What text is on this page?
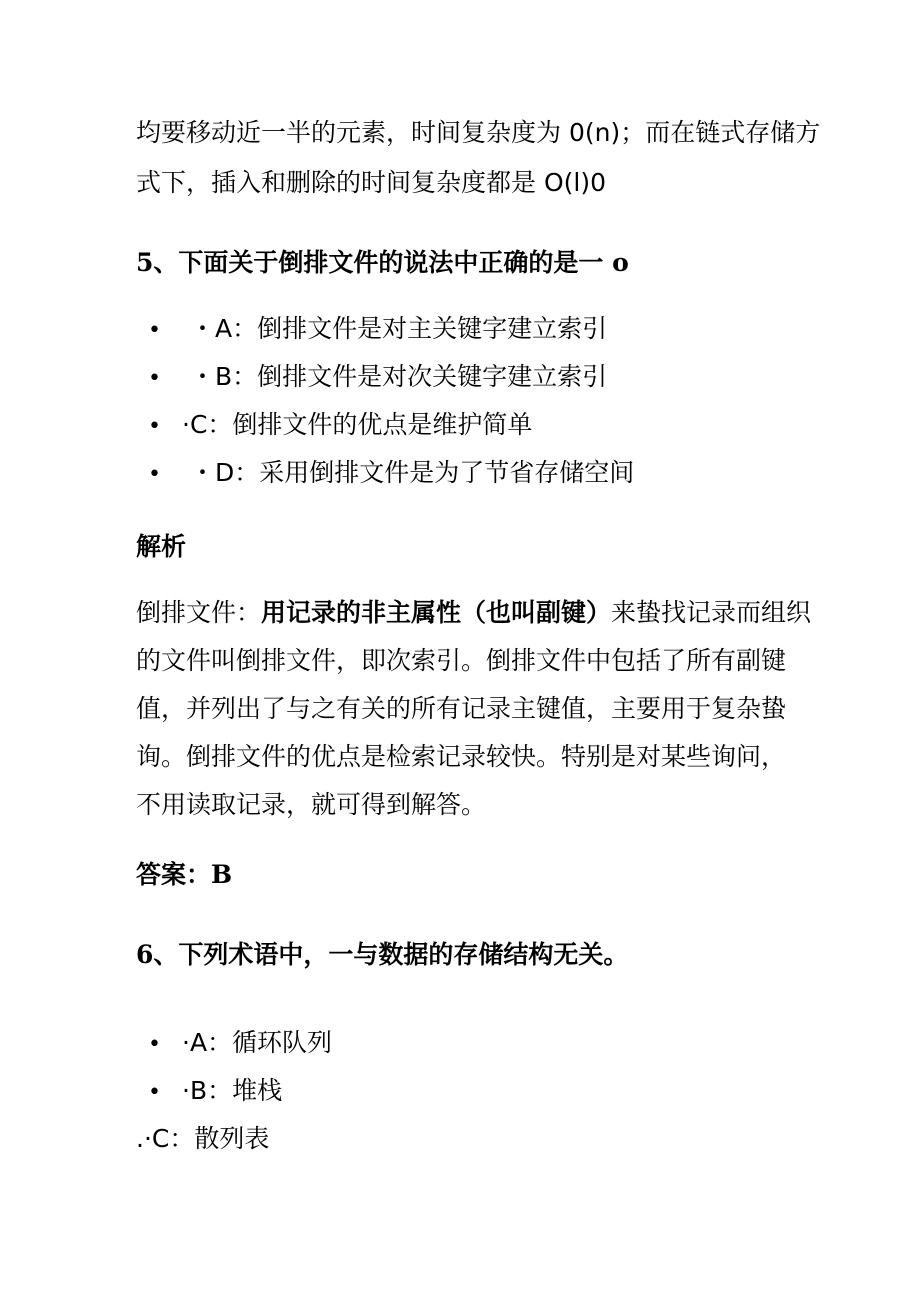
均要移动近一半的元素，时间复杂度为 0(n)；而在链式存储方
式下，插入和删除的时间复杂度都是 O(l)0
5、下面关于倒排文件的说法中正确的是一 o
• ・A：倒排文件是对主关键字建立索引
• ・B：倒排文件是对次关键字建立索引
• ·C：倒排文件的优点是维护简单
• ・D：采用倒排文件是为了节省存储空间
解析
倒排文件：用记录的非主属性（也叫副键）来蛰找记录而组织
的文件叫倒排文件，即次索引。倒排文件中包括了所有副键
值，并列出了与之有关的所有记录主键值，主要用于复杂蛰
询。倒排文件的优点是检索记录较快。特别是对某些询问，
不用读取记录，就可得到解答。
答案：B
6、下列术语中，一与数据的存储结构无关。
• ·A：循环队列
• ·B：堆栈
.·C：散列表
